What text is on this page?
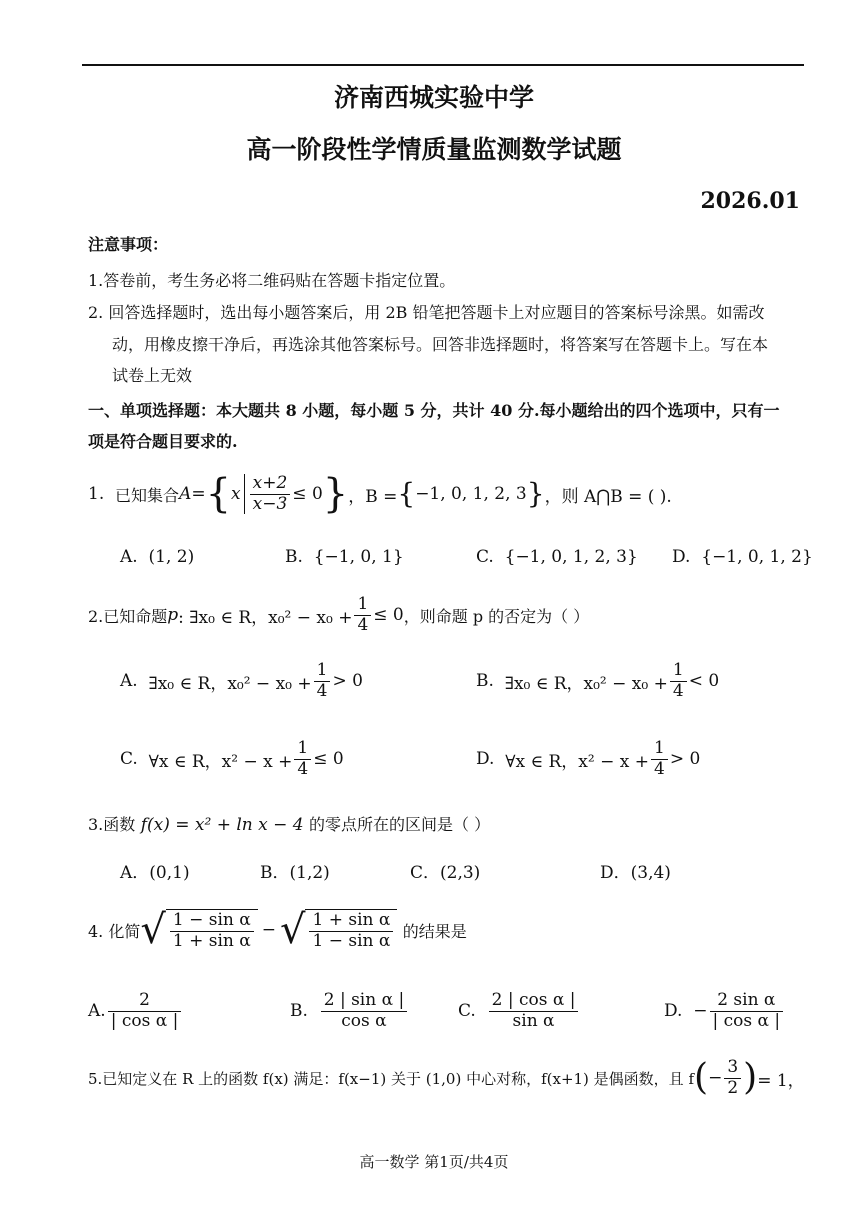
济南西城实验中学
高一阶段性学情质量监测数学试题
2026.01
注意事项：
1.答卷前，考生务必将二维码贴在答题卡指定位置。
2. 回答选择题时，选出每小题答案后，用 2B 铅笔把答题卡上对应题目的答案标号涂黑。如需改
动，用橡皮擦干净后，再选涂其他答案标号。回答非选择题时，将答案写在答题卡上。写在本
试卷上无效
一、单项选择题：本大题共 8 小题，每小题 5 分，共计 40 分.每小题给出的四个选项中，只有一
项是符合题目要求的.
1.
已知集合 A = { x $\frac{x+2}{x-3} \le 0$ } ，B = { −1, 0, 1, 2, 3 } ，则 A⋂B = ( ).
A. (1, 2)	B. {−1, 0, 1}	C. {−1, 0, 1, 2, 3} D. {−1, 0, 1, 2}
2.已知命题 p : ∃x₀ ∈ R，$x_0^2 - x_0 + \frac{1}{4} \le 0$ ，则命题 p 的否定为（ ）
A.
∃x₀ ∈ R，$x_0^2 - x_0 + \frac{1}{4} > 0$	B.
∃x₀ ∈ R，$x_0^2 - x_0 + \frac{1}{4} < 0$
C.
∀x ∈ R，$x^2 - x + \frac{1}{4} \le 0$	D.
∀x ∈ R，$x^2 - x + \frac{1}{4} > 0$
3.函数 f(x) = x² + ln x − 4 的零点所在的区间是（ ）
A．(0,1)	B．(1,2)	C．(2,3)	D．(3,4)
4. 化简 √ $\frac{\text{1 − sin α}}{\text{1 + sin α}}$ − √ $\frac{\text{1 + sin α}}{\text{1 − sin α}}$
的结果是
A. $\frac{2}{\text{| cos α |}}$	B.
$\frac{\text{2 | sin α |}}{\text{cos α}}$	C.
$\frac{\text{2 | cos α |}}{\text{sin α}}$	D.
− $\frac{\text{2 sin α}}{\text{| cos α |}}$
5.已知定义在 R 上的函数 f(x) 满足：f(x−1) 关于 (1,0) 中心对称，f(x+1) 是偶函数，且 f ( − $\frac{3}{2}$ ) = 1，
高一数学 第1页/共4页
